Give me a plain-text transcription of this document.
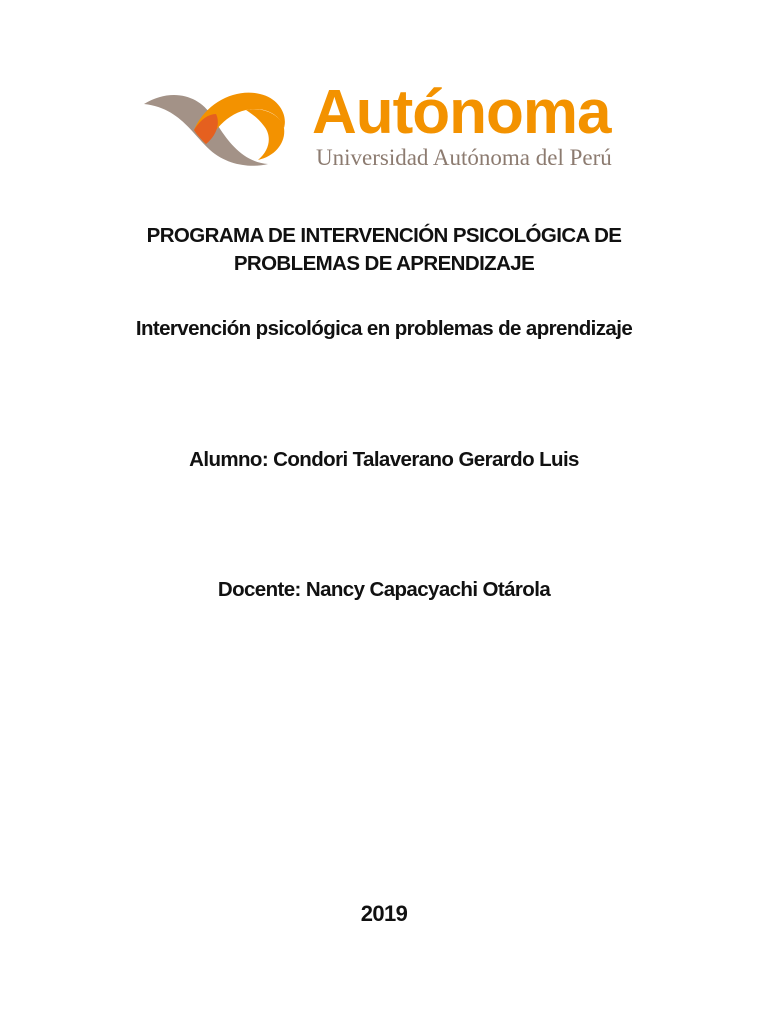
Autónoma
Universidad Autónoma del Perú
PROGRAMA DE INTERVENCIÓN PSICOLÓGICA DE
PROBLEMAS DE APRENDIZAJE
Intervención psicológica en problemas de aprendizaje
Alumno: Condori Talaverano Gerardo Luis
Docente: Nancy Capacyachi Otárola
2019
